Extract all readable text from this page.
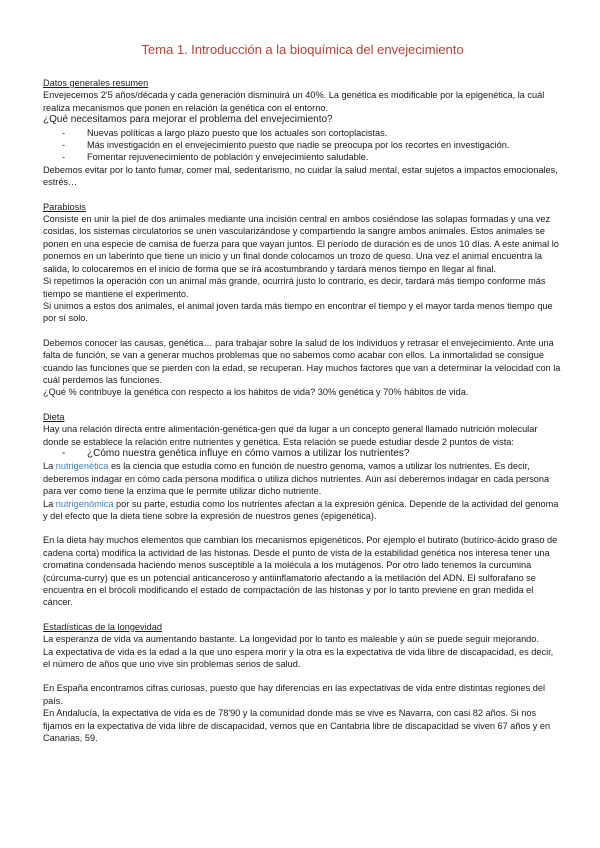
Tema 1. Introducción a la bioquímica del envejecimiento

Datos generales resumen

Envejecemos 2'5 años/década y cada generación disminuirá un 40%. La genética es modificable por la epigenética, la cuál realiza mecanismos que ponen en relación la genética con el entorno.

¿Qué necesitamos para mejorar el problema del envejecimiento?

- Nuevas políticas a largo plazo puesto que los actuales son cortoplacistas.
- Más investigación en el envejecimiento puesto que nadie se preocupa por los recortes en investigación.
- Fomentar rejuvenecimiento de población y envejecimiento saludable.

Debemos evitar por lo tanto fumar, comer mal, sedentarismo, no cuidar la salud mental, estar sujetos a impactos emocionales, estrés…

Parabiosis

Consiste en unir la piel de dos animales mediante una incisión central en ambos cosiéndose las solapas formadas y una vez cosidas, los sistemas circulatorios se unen vascularizándose y compartiendo la sangre ambos animales. Estos animales se ponen en una especie de camisa de fuerza para que vayan juntos. El período de duración es de unos 10 días. A este animal lo ponemos en un laberinto que tiene un inicio y un final donde colocamos un trozo de queso. Una vez el animal encuentra la salida, lo colocaremos en el inicio de forma que se irá acostumbrando y tardará menos tiempo en llegar al final.

Si repetimos la operación con un animal más grande, ocurrirá justo lo contrario, es decir, tardará más tiempo conforme más tiempo se mantiene el experimento.

Si unimos a estos dos animales, el animal joven tarda más tiempo en encontrar el tiempo y el mayor tarda menos tiempo que por sí solo.

Debemos conocer las causas, genética… para trabajar sobre la salud de los individuos y retrasar el envejecimiento. Ante una falta de función, se van a generar muchos problemas que no sabemos como acabar con ellos. La inmortalidad se consigue cuando las funciones que se pierden con la edad, se recuperan. Hay muchos factores que van a determinar la velocidad con la cuál perdemos las funciones.

¿Qué % contribuye la genética con respecto a los hábitos de vida? 30% genética y 70% hábitos de vida.

Dieta

Hay una relación directa entre alimentación-genética-gen que da lugar a un concepto general llamado nutrición molecular donde se establece la relación entre nutrientes y genética. Esta relación se puede estudiar desde 2 puntos de vista:

- ¿Cómo nuestra genética influye en cómo vamos a utilizar los nutrientes?

La nutrigenética es la ciencia que estudia como en función de nuestro genoma, vamos a utilizar los nutrientes. Es decir, deberemos indagar en cómo cada persona modifica o utiliza dichos nutrientes. Aún así deberemos indagar en cada persona para ver como tiene la enzima que le permite utilizar dicho nutriente.

La nutrigenómica por su parte, estudia como los nutrientes afectan a la expresión génica. Depende de la actividad del genoma y del efecto que la dieta tiene sobre la expresión de nuestros genes (epigenética).

En la dieta hay muchos elementos que cambian los mecanismos epigenéticos. Por ejemplo el butirato (butírico-ácido graso de cadena corta) modifica la actividad de las histonas. Desde el punto de vista de la estabilidad genética nos interesa tener una cromatina condensada haciendo menos susceptible a la molécula a los mutágenos. Por otro lado tenemos la curcumina (cúrcuma-curry) que es un potencial anticanceroso y antiinflamatorio afectando a la metilación del ADN. El sulforafano se encuentra en el brócoli modificando el estado de compactación de las histonas y por lo tanto previene en gran medida el cáncer.

Estadísticas de la longevidad

La esperanza de vida va aumentando bastante. La longevidad por lo tanto es maleable y aún se puede seguir mejorando.

La expectativa de vida es la edad a la que uno espera morir y la otra es la expectativa de vida libre de discapacidad, es decir, el número de años que uno vive sin problemas serios de salud.

En España encontramos cifras curiosas, puesto que hay diferencias en las expectativas de vida entre distintas regiones del país.

En Andalucía, la expectativa de vida es de 78'90 y la comunidad donde más se vive es Navarra, con casi 82 años. Si nos fijamos en la expectativa de vida libre de discapacidad, vemos que en Cantabria libre de discapacidad se viven 67 años y en Canarias, 59.
